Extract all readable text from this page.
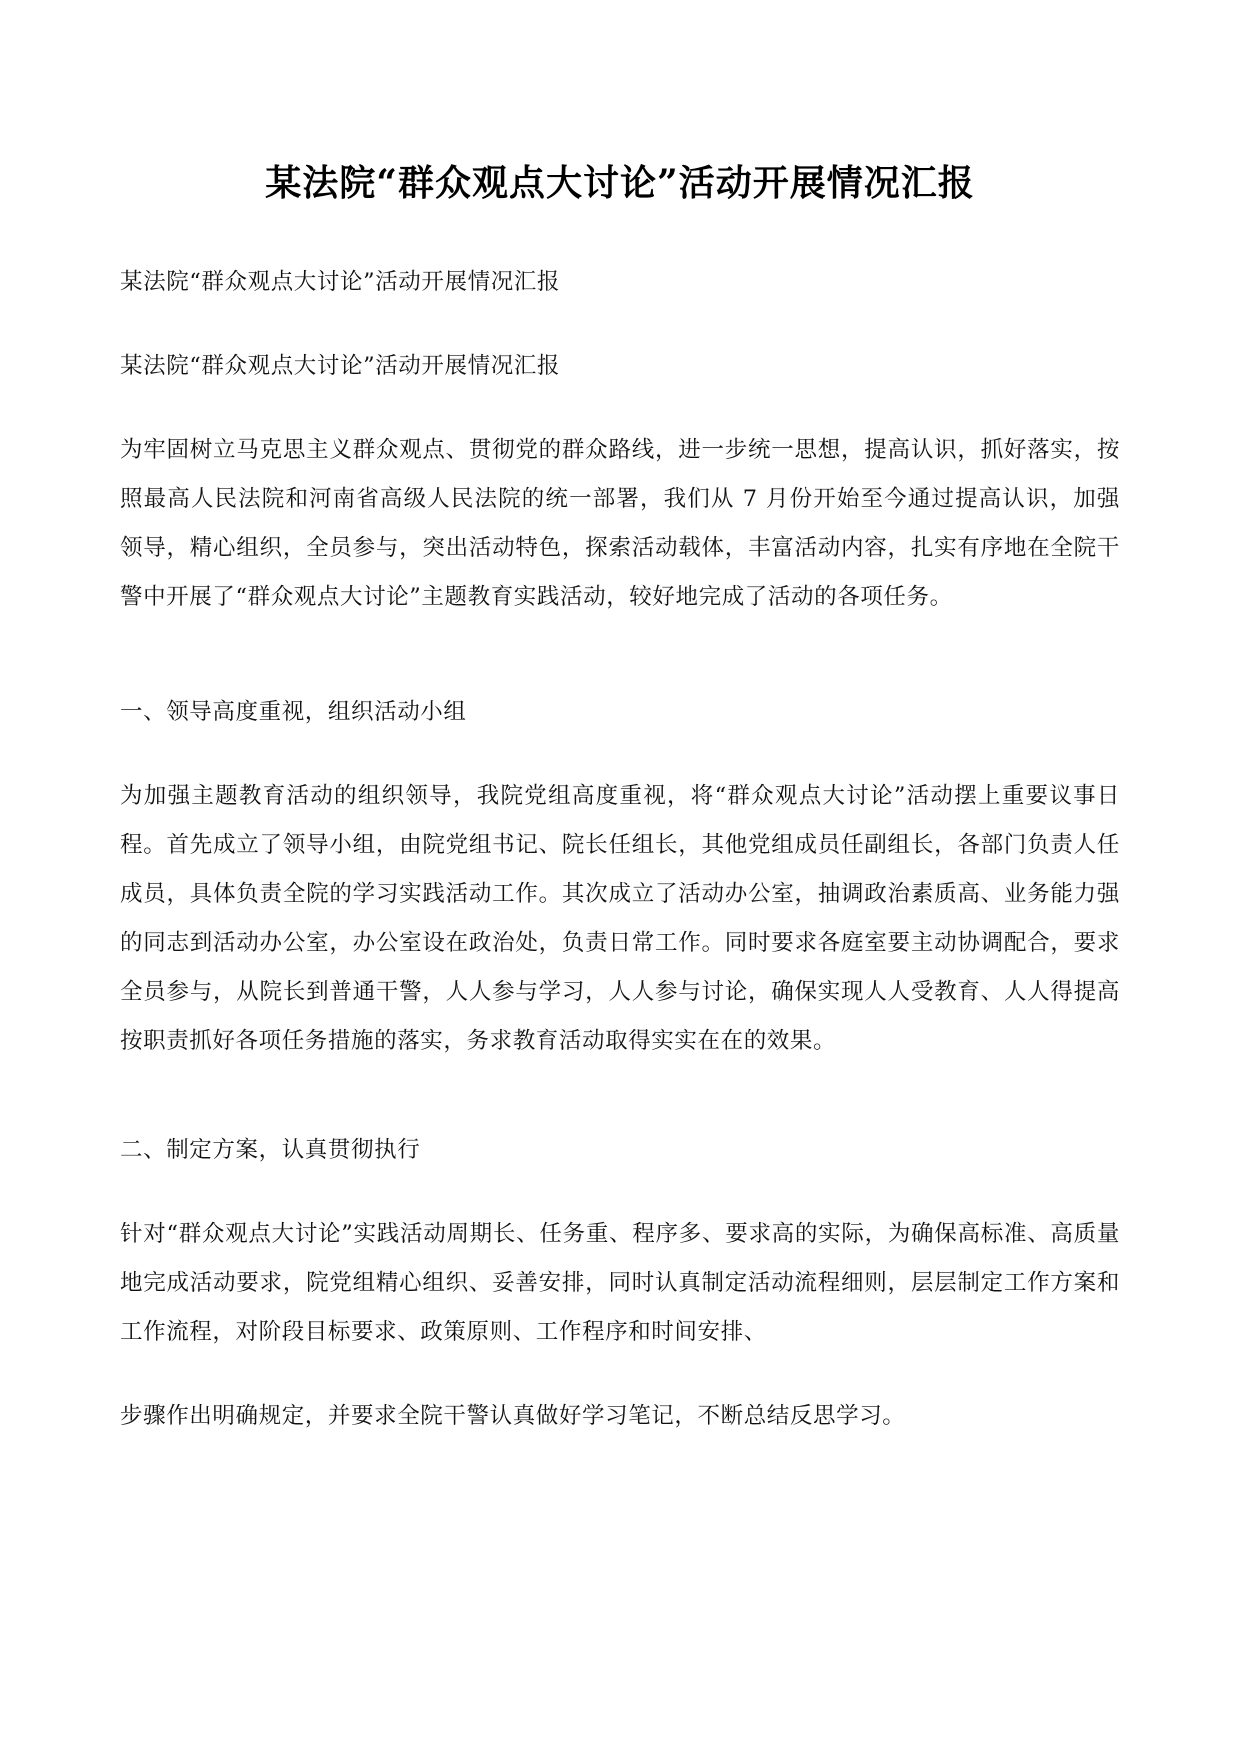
某法院“群众观点大讨论”活动开展情况汇报

某法院“群众观点大讨论”活动开展情况汇报

某法院“群众观点大讨论”活动开展情况汇报

为牢固树立马克思主义群众观点、贯彻党的群众路线，进一步统一思想，提高认识，抓好落实，按照最高人民法院和河南省高级人民法院的统一部署，我们从 7 月份开始至今通过提高认识，加强领导，精心组织，全员参与，突出活动特色，探索活动载体，丰富活动内容，扎实有序地在全院干警中开展了“群众观点大讨论”主题教育实践活动，较好地完成了活动的各项任务。

一、领导高度重视，组织活动小组

为加强主题教育活动的组织领导，我院党组高度重视，将“群众观点大讨论”活动摆上重要议事日程。首先成立了领导小组，由院党组书记、院长任组长，其他党组成员任副组长，各部门负责人任成员，具体负责全院的学习实践活动工作。其次成立了活动办公室，抽调政治素质高、业务能力强的同志到活动办公室，办公室设在政治处，负责日常工作。同时要求各庭室要主动协调配合，要求全员参与，从院长到普通干警，人人参与学习，人人参与讨论，确保实现人人受教育、人人得提高按职责抓好各项任务措施的落实，务求教育活动取得实实在在的效果。

二、制定方案，认真贯彻执行

针对“群众观点大讨论”实践活动周期长、任务重、程序多、要求高的实际，为确保高标准、高质量地完成活动要求，院党组精心组织、妥善安排，同时认真制定活动流程细则，层层制定工作方案和工作流程，对阶段目标要求、政策原则、工作程序和时间安排、

步骤作出明确规定，并要求全院干警认真做好学习笔记，不断总结反思学习。
